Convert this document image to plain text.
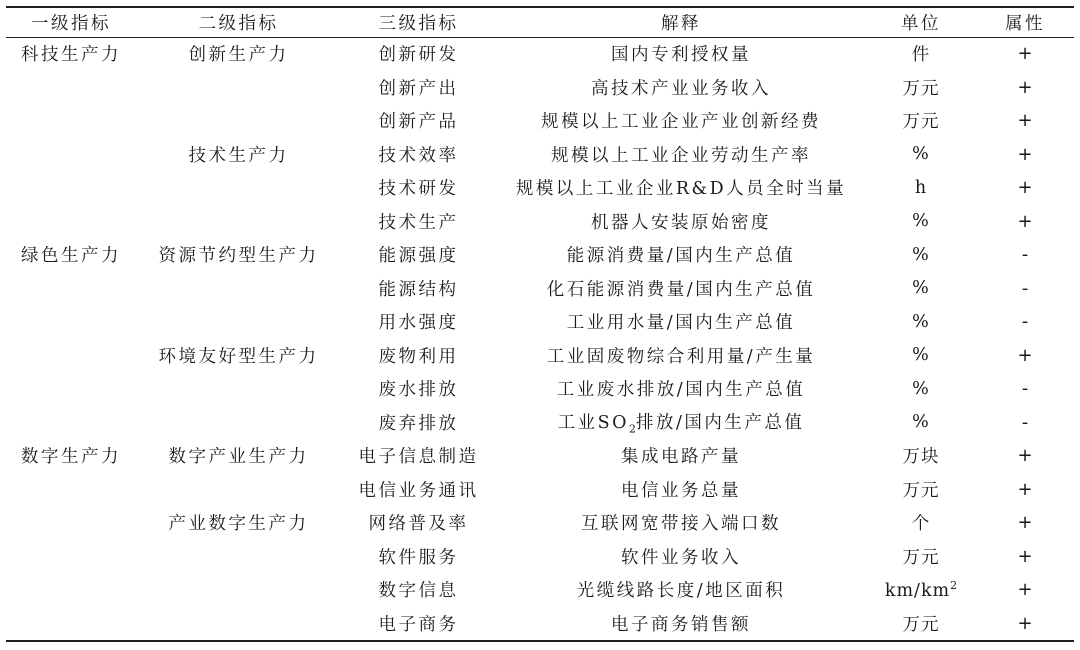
一级指标	二级指标	三级指标	解释	单位	属性
科技生产力	创新生产力	创新研发	国内专利授权量	件	+
		创新产出	高技术产业业务收入	万元	+
		创新产品	规模以上工业企业产业创新经费	万元	+
	技术生产力	技术效率	规模以上工业企业劳动生产率	%	+
		技术研发	规模以上工业企业R&D人员全时当量	h	+
		技术生产	机器人安装原始密度	%	+
绿色生产力	资源节约型生产力	能源强度	能源消费量/国内生产总值	%	-
		能源结构	化石能源消费量/国内生产总值	%	-
		用水强度	工业用水量/国内生产总值	%	-
	环境友好型生产力	废物利用	工业固废物综合利用量/产生量	%	+
		废水排放	工业废水排放/国内生产总值	%	-
		废弃排放	工业$SO_2$排放/国内生产总值	%	-
数字生产力	数字产业生产力	电子信息制造	集成电路产量	万块	+
		电信业务通讯	电信业务总量	万元	+
	产业数字生产力	网络普及率	互联网宽带接入端口数	个	+
		软件服务	软件业务收入	万元	+
		数字信息	光缆线路长度/地区面积	$km/km^2$	+
		电子商务	电子商务销售额	万元	+
